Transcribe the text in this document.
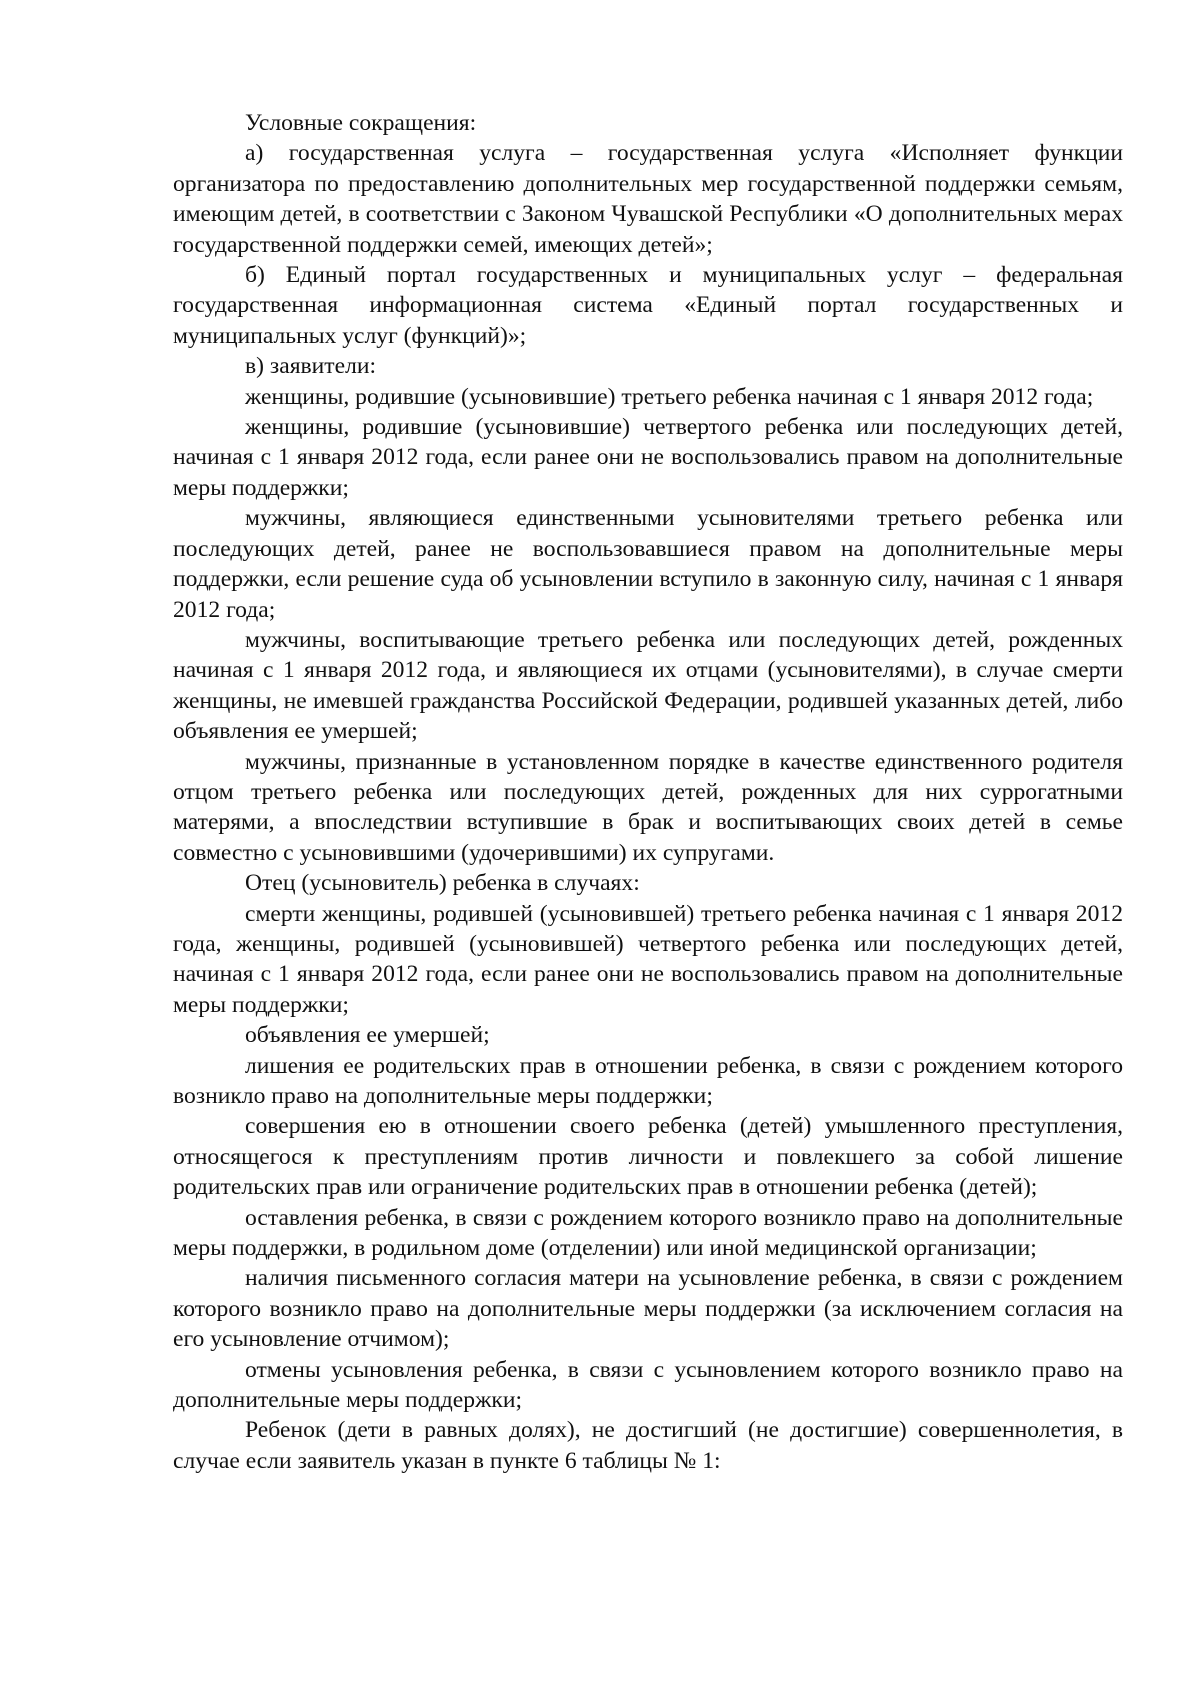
Условные сокращения:

а) государственная услуга – государственная услуга «Исполняет функции организатора по предоставлению дополнительных мер государственной поддержки семьям, имеющим детей, в соответствии с Законом Чувашской Республики «О дополнительных мерах государственной поддержки семей, имеющих детей»;

б) Единый портал государственных и муниципальных услуг – федеральная государственная информационная система «Единый портал государственных и муниципальных услуг (функций)»;

в) заявители:

женщины, родившие (усыновившие) третьего ребенка начиная с 1 января 2012 года;

женщины, родившие (усыновившие) четвертого ребенка или последующих детей, начиная с 1 января 2012 года, если ранее они не воспользовались правом на дополнительные меры поддержки;

мужчины, являющиеся единственными усыновителями третьего ребенка или последующих детей, ранее не воспользовавшиеся правом на дополнительные меры поддержки, если решение суда об усыновлении вступило в законную силу, начиная с 1 января 2012 года;

мужчины, воспитывающие третьего ребенка или последующих детей, рожденных начиная с 1 января 2012 года, и являющиеся их отцами (усыновителями), в случае смерти женщины, не имевшей гражданства Российской Федерации, родившей указанных детей, либо объявления ее умершей;

мужчины, признанные в установленном порядке в качестве единственного родителя отцом третьего ребенка или последующих детей, рожденных для них суррогатными матерями, а впоследствии вступившие в брак и воспитывающих своих детей в семье совместно с усыновившими (удочерившими) их супругами.

Отец (усыновитель) ребенка в случаях:

смерти женщины, родившей (усыновившей) третьего ребенка начиная с 1 января 2012 года, женщины, родившей (усыновившей) четвертого ребенка или последующих детей, начиная с 1 января 2012 года, если ранее они не воспользовались правом на дополнительные меры поддержки;

объявления ее умершей;

лишения ее родительских прав в отношении ребенка, в связи с рождением которого возникло право на дополнительные меры поддержки;

совершения ею в отношении своего ребенка (детей) умышленного преступления, относящегося к преступлениям против личности и повлекшего за собой лишение родительских прав или ограничение родительских прав в отношении ребенка (детей);

оставления ребенка, в связи с рождением которого возникло право на дополнительные меры поддержки, в родильном доме (отделении) или иной медицинской организации;

наличия письменного согласия матери на усыновление ребенка, в связи с рождением которого возникло право на дополнительные меры поддержки (за исключением согласия на его усыновление отчимом);

отмены усыновления ребенка, в связи с усыновлением которого возникло право на дополнительные меры поддержки;

Ребенок (дети в равных долях), не достигший (не достигшие) совершеннолетия, в случае если заявитель указан в пункте 6 таблицы № 1:
